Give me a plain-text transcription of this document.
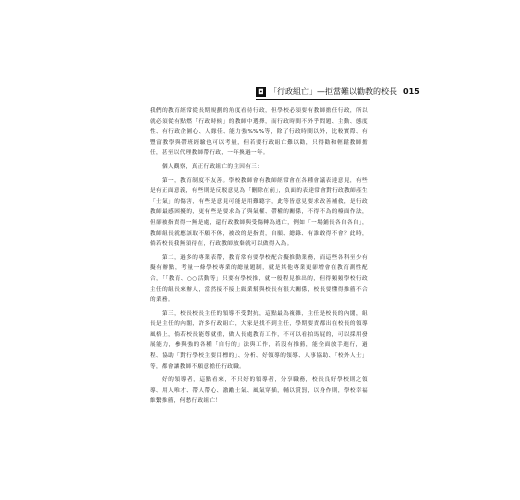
◘ 「行政組亡」—拒當難以勸教的校長 015

我們的教育經常從長期規劃的角度看待行政，但學校必須要有教師擔任行政，所以就必須從有點燃「行政時候」的教師中選擇，而行政時間不外乎問題、主動、態度性、有行政企圖心、人緣佳、能力強%%%等，除了行政時間以外，比較實際、有豐富教學與帶班經驗也可以考量，但若要行政組亡難以勸，只得勸和輕鬆教師擔任，甚至以代理教師帶行政，一年換過一年。

個人觀察，真正行政組亡的主因有三：

第一，教育制度不友善。學校教師會有教師經常會在各種會議表達意見，有些是有正面意義，有些則是反駁意見為「刪除在前」，負面的表達常會對行政教師產生「士氣」的傷害，有些是意見可能是用難聽字，此等皆意見要求改善補救，是行政教師最感困擾的，更有些是要求為了與氣權、帶權的關係，不得不為的檯面作法，但卻被指責得一無是處，還行政教師與受傷轉為逃亡，例如「一場鋪長各自各自」，教師組長就應該取不願不休，被改的是指責，自願、總錄、有誰敢得不會？此時，倘若校長我無須待在，行政教師放棄就可以做得入為。

第二，過多的專業表帶，教育常有要學校配合擬推動業務，而這些各科至少有擬有辦點，考量一條學校專業的總量題制，就是其他專業更卻增會在教育測性配合，「「教育、○○活動等」只要有學校推，就一般程見推出的，但得頻頻學校行政主任的組長來辦人，當然接不接上級業幫與校長有很大關係，校長要懂得推薦不合的業務。

第三，校長校長主任的領導不受對抗，這點最為複雜，主任是校長的內閣，組長是主任的內閣，許多行政組亡，大家是找不到主任，學期要責都出在校長的領導風格上，倘若校長能尊就重，做人長處教育工作，不可以看拍馬屁的，可以採用發展能力，參與強的各種「自行的」法與工作，若沒有推薦，能全面放手進行，過程、協助「對行學校主要目標的」、分析、好領導的領導、人事協助、「校外人士」等，都會讓教師不願意擔任行政職。

好的領導者，這點看來，不只好的領導者，分享職務，校長良好學校則之領導、用人唯才、帶人帶心、激勵士氣、風氣穿插，輔以賞罰，以身作則，學校幸福維繫推薦，何愁行政組亡！
